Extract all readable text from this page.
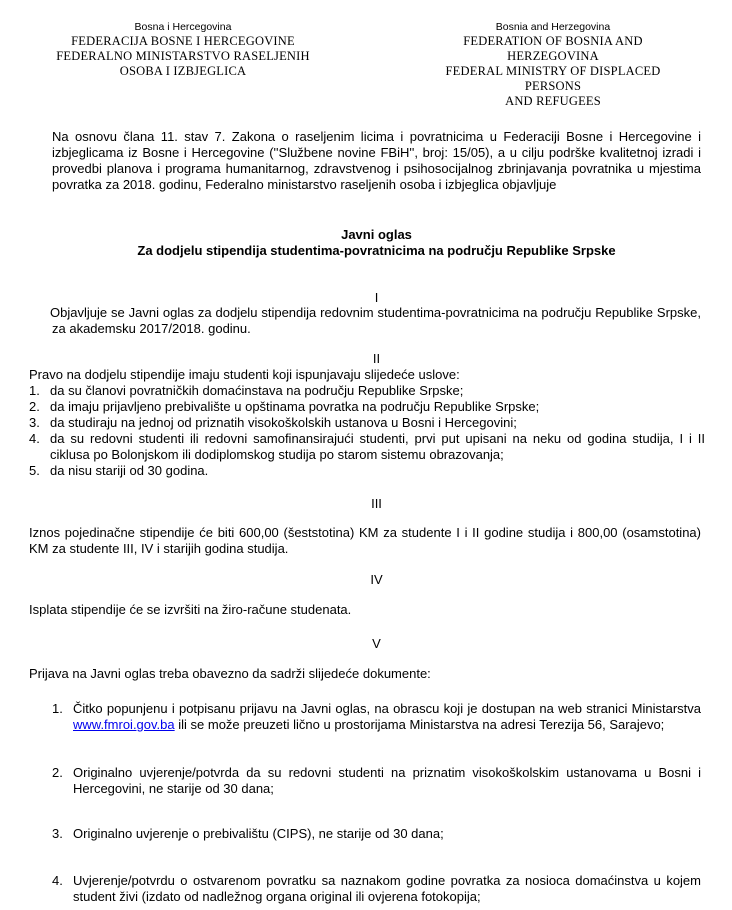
Bosna i Hercegovina
FEDERACIJA BOSNE I HERCEGOVINE
FEDERALNO MINISTARSTVO RASELJENIH
OSOBA I IZBJEGLICA
Bosnia and Herzegovina
FEDERATION OF BOSNIA AND HERZEGOVINA
FEDERAL MINISTRY OF DISPLACED PERSONS
AND REFUGEES

Na osnovu člana 11. stav 7. Zakona o raseljenim licima i povratnicima u Federaciji Bosne i Hercegovine i izbjeglicama iz Bosne i Hercegovine (''Službene novine FBiH'', broj: 15/05), a u cilju podrške kvalitetnoj izradi i provedbi planova i programa humanitarnog, zdravstvenog i psihosocijalnog zbrinjavanja povratnika u mjestima povratka za 2018. godinu, Federalno ministarstvo raseljenih osoba i izbjeglica objavljuje

Javni oglas
Za dodjelu stipendija studentima-povratnicima na području Republike Srpske
I

Objavljuje se Javni oglas za dodjelu stipendija redovnim studentima-povratnicima na području Republike Srpske, za akademsku 2017/2018. godinu.

II
Pravo na dodjelu stipendije imaju studenti koji ispunjavaju slijedeće uslove:
1. da su članovi povratničkih domaćinstava na području Republike Srpske;
2. da imaju prijavljeno prebivalište u opštinama povratka na području Republike Srpske;
3. da studiraju na jednoj od priznatih visokoškolskih ustanova u Bosni i Hercegovini;
4. da su redovni studenti ili redovni samofinansirajući studenti, prvi put upisani na neku od godina studija, I i II ciklusa po Bolonjskom ili dodiplomskog studija po starom sistemu obrazovanja;
5. da nisu stariji od 30 godina.
III

Iznos pojedinačne stipendije će biti 600,00 (šeststotina) KM za studente I i II godine studija i 800,00 (osamstotina) KM za studente III, IV i starijih godina studija.

IV
Isplata stipendije će se izvršiti na žiro-račune studenata.
V
Prijava na Javni oglas treba obavezno da sadrži slijedeće dokumente:
1. Čitko popunjenu i potpisanu prijavu na Javni oglas, na obrascu koji je dostupan na web stranici Ministarstva www.fmroi.gov.ba ili se može preuzeti lično u prostorijama Ministarstva na adresi Terezija 56, Sarajevo;
2. Originalno uvjerenje/potvrda da su redovni studenti na priznatim visokoškolskim ustanovama u Bosni i Hercegovini, ne starije od 30 dana;
3. Originalno uvjerenje o prebivalištu (CIPS), ne starije od 30 dana;
4. Uvjerenje/potvrdu o ostvarenom povratku sa naznakom godine povratka za nosioca domaćinstva u kojem student živi (izdato od nadležnog organa original ili ovjerena fotokopija;
